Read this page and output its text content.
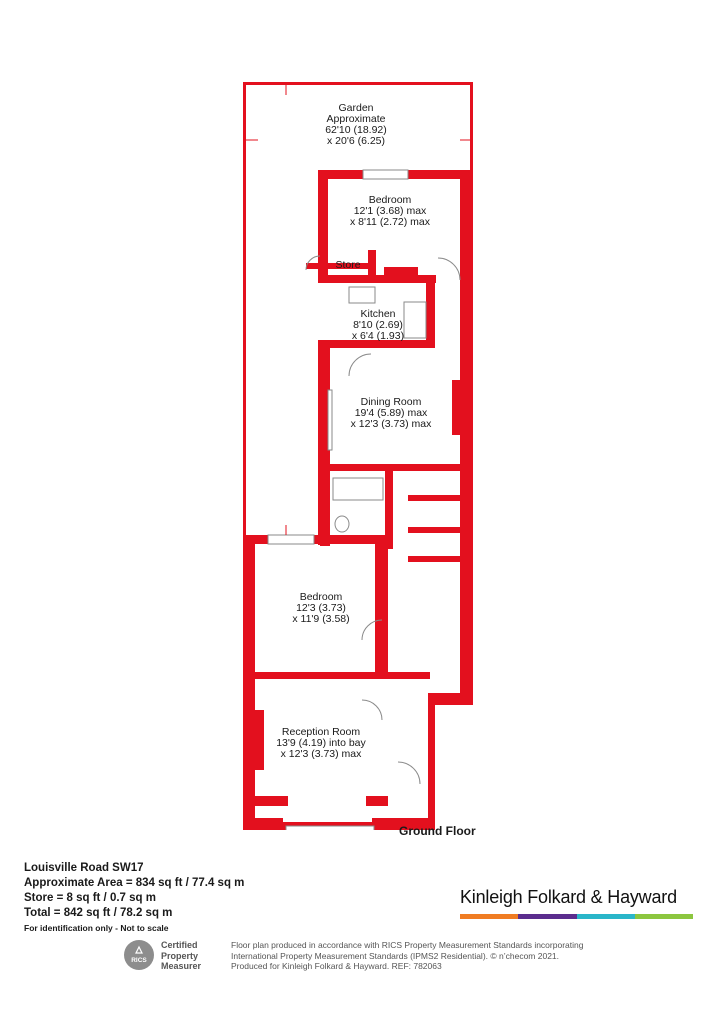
Garden Approximate 62'10 (18.92) x 20'6 (6.25)
Bedroom 12'1 (3.68) max x 8'11 (2.72) max
Store
Kitchen 8'10 (2.69) x 6'4 (1.93)
Dining Room 19'4 (5.89) max x 12'3 (3.73) max
Bedroom 12'3 (3.73) x 11'9 (3.58)
Reception Room 13'9 (4.19) into bay x 12'3 (3.73) max
Ground Floor
Louisville Road SW17
Approximate Area = 834 sq ft / 77.4 sq m
Store = 8 sq ft / 0.7 sq m
Total = 842 sq ft / 78.2 sq m
For identification only - Not to scale
Kinleigh Folkard & Hayward
RICS
Certified
Property
Measurer
Floor plan produced in accordance with RICS Property Measurement Standards incorporating
International Property Measurement Standards (IPMS2 Residential). © n’checom 2021.
Produced for Kinleigh Folkard & Hayward. REF: 782063
